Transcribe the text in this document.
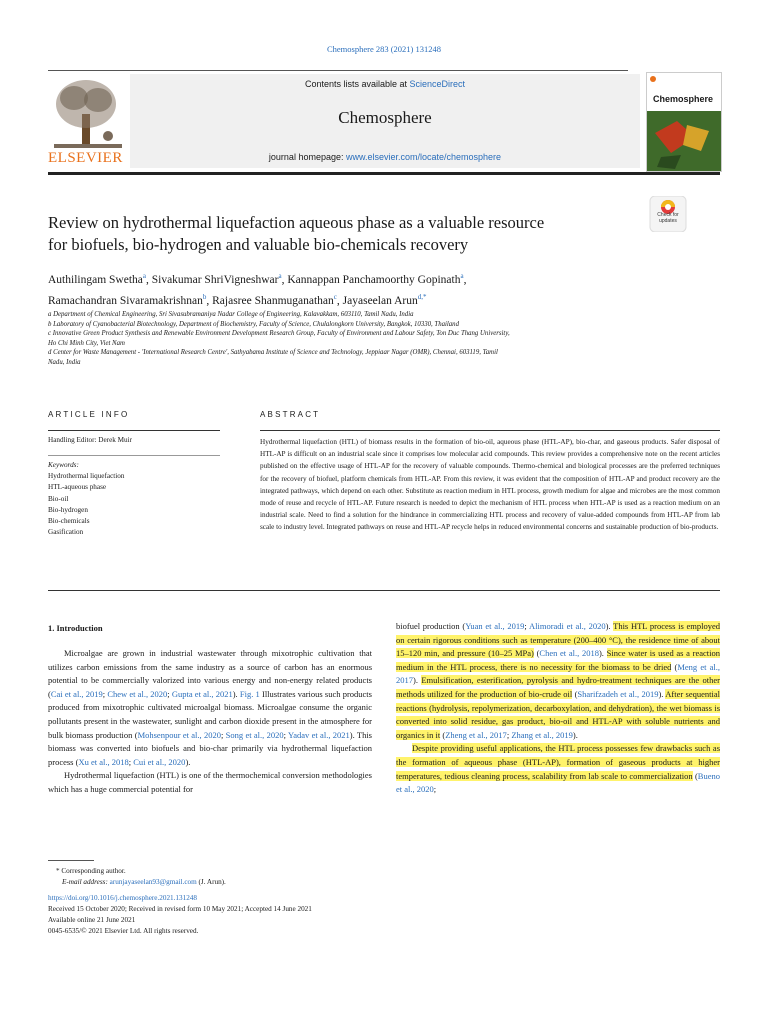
Chemosphere 283 (2021) 131248
ELSEVIER
Contents lists available at ScienceDirect
Chemosphere
journal homepage: www.elsevier.com/locate/chemosphere
Chemosphere
Review on hydrothermal liquefaction aqueous phase as a valuable resource
for biofuels, bio-hydrogen and valuable bio-chemicals recovery
Check for updates
Authilingam Swetha$^a$, Sivakumar ShriVigneshwar$^a$, Kannappan Panchamoorthy Gopinath$^a$,
Ramachandran Sivaramakrishnan$^b$, Rajasree Shanmuganathan$^c$, Jayaseelan Arun$^{d,*}$
a Department of Chemical Engineering, Sri Sivasubramaniya Nadar College of Engineering, Kalavakkam, 603110, Tamil Nadu, India
b Laboratory of Cyanobacterial Biotechnology, Department of Biochemistry, Faculty of Science, Chulalongkorn University, Bangkok, 10330, Thailand
c Innovative Green Product Synthesis and Renewable Environment Development Research Group, Faculty of Environment and Labour Safety, Ton Duc Thang University,
Ho Chi Minh City, Viet Nam
d Center for Waste Management - 'International Research Centre', Sathyabama Institute of Science and Technology, Jeppiaar Nagar (OMR), Chennai, 603119, Tamil
Nadu, India
ARTICLE INFO	ABSTRACT
Handling Editor: Derek Muir
Keywords:
Hydrothermal liquefaction
HTL-aqueous phase
Bio-oil
Bio-hydrogen
Bio-chemicals
Gasification
Hydrothermal liquefaction (HTL) of biomass results in the formation of bio-oil, aqueous phase (HTL-AP), bio-char, and gaseous products. Safer disposal of HTL-AP is difficult on an industrial scale since it comprises low molecular acid compounds. This review provides a comprehensive note on the recent articles published on the effective usage of HTL-AP for the recovery of valuable compounds. Thermo-chemical and biological processes are the preferred techniques for the recovery of biofuel, platform chemicals from HTL-AP. From this review, it was evident that the composition of HTL-AP and product recovery are the integrated pathways, which depend on each other. Substitute as reaction medium in HTL process, growth medium for algae and microbes are the most common mode of reuse and recycle of HTL-AP. Future research is needed to depict the mechanism of HTL process when HTL-AP is used as a reaction medium on an industrial scale. Need to find a solution for the hindrance in commercializing HTL process and recovery of value-added compounds from HTL-AP from lab scale to industry level. Integrated pathways on reuse and HTL-AP recycle helps in reduced environmental concerns and sustainable production of bio-products.
1. Introduction

Microalgae are grown in industrial wastewater through mixotrophic cultivation that utilizes carbon emissions from the same industry as a source of carbon has an enormous potential to be commercially valorized into various energy and non-energy related products (Cai et al., 2019; Chew et al., 2020; Gupta et al., 2021). Fig. 1 Illustrates various such products produced from mixotrophic cultivated microalgal biomass. Microalgae consume the organic pollutants present in the wastewater, sunlight and carbon dioxide present in the atmosphere for bulk biomass production (Mohsenpour et al., 2020; Song et al., 2020; Yadav et al., 2021). This biomass was converted into biofuels and bio-char primarily via hydrothermal liquefaction process (Xu et al., 2018; Cui et al., 2020).

Hydrothermal liquefaction (HTL) is one of the thermochemical conversion methodologies which has a huge commercial potential for

biofuel production (Yuan et al., 2019; Alimoradi et al., 2020). This HTL process is employed on certain rigorous conditions such as temperature (200–400 °C), the residence time of about 15–120 min, and pressure (10–25 MPa) (Chen et al., 2018). Since water is used as a reaction medium in the HTL process, there is no necessity for the biomass to be dried (Meng et al., 2017). Emulsification, esterification, pyrolysis and hydro-treatment techniques are the other methods utilized for the production of bio-crude oil (Sharifzadeh et al., 2019). After sequential reactions (hydrolysis, repolymerization, decarboxylation, and dehydration), the wet biomass is converted into solid residue, gas product, bio-oil and HTL-AP with soluble nutrients and organics in it (Zheng et al., 2017; Zhang et al., 2019).

Despite providing useful applications, the HTL process possesses few drawbacks such as the formation of aqueous phase (HTL-AP), formation of gaseous products at higher temperatures, tedious cleaning process, scalability from lab scale to commercialization (Bueno et al., 2020;

* Corresponding author.
E-mail address: arunjayaseelan93@gmail.com (J. Arun).
https://doi.org/10.1016/j.chemosphere.2021.131248
Received 15 October 2020; Received in revised form 10 May 2021; Accepted 14 June 2021
Available online 21 June 2021
0045-6535/© 2021 Elsevier Ltd. All rights reserved.
